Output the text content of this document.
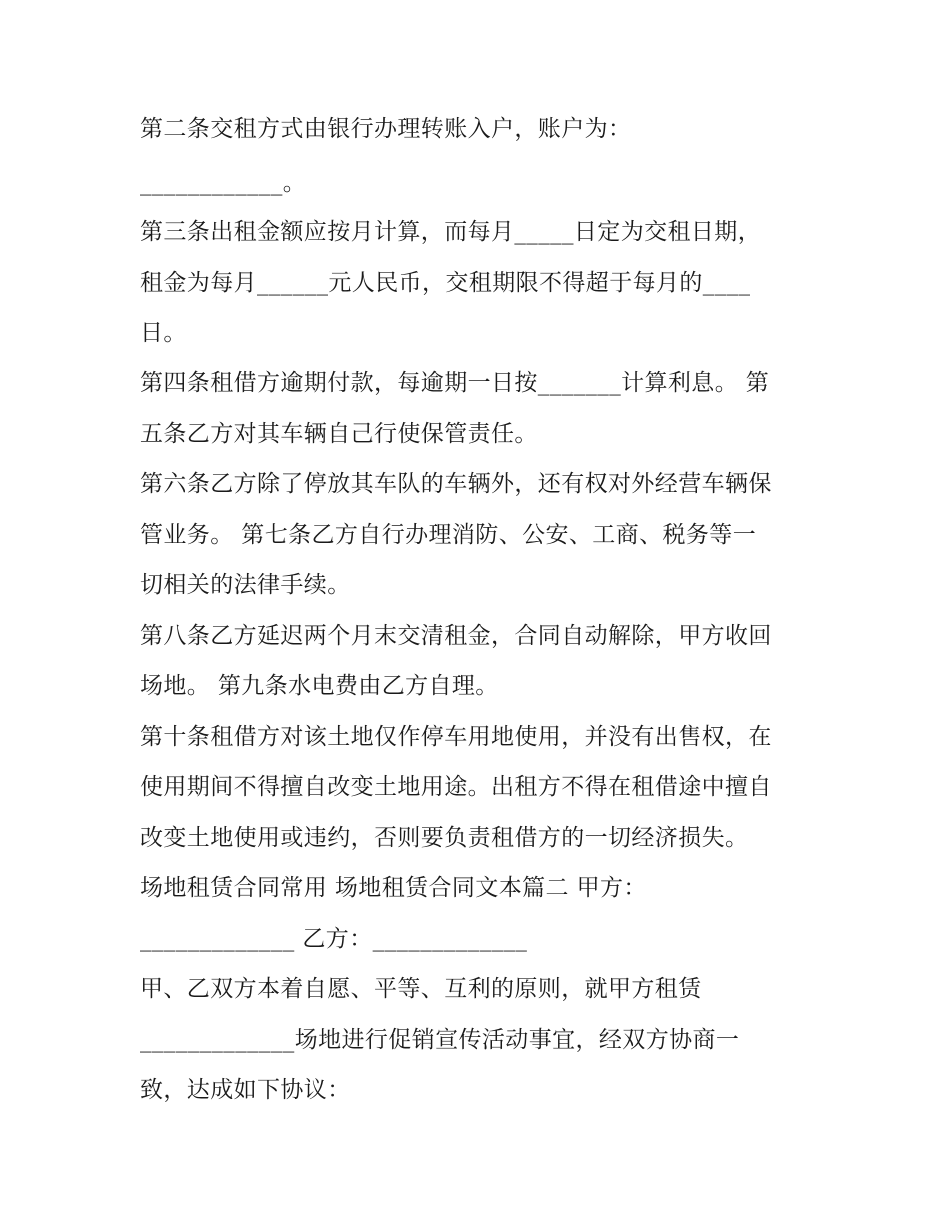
第二条交租方式由银行办理转账入户，账户为：
____________。
第三条出租金额应按月计算，而每月_____日定为交租日期，
租金为每月______元人民币，交租期限不得超于每月的____
日。
第四条租借方逾期付款，每逾期一日按_______计算利息。 第
五条乙方对其车辆自己行使保管责任。
第六条乙方除了停放其车队的车辆外，还有权对外经营车辆保
管业务。 第七条乙方自行办理消防、公安、工商、税务等一
切相关的法律手续。
第八条乙方延迟两个月末交清租金，合同自动解除，甲方收回
场地。 第九条水电费由乙方自理。
第十条租借方对该土地仅作停车用地使用，并没有出售权，在
使用期间不得擅自改变土地用途。出租方不得在租借途中擅自
改变土地使用或违约，否则要负责租借方的一切经济损失。
场地租赁合同常用 场地租赁合同文本篇二 甲方：
_____________ 乙方：_____________
甲、乙双方本着自愿、平等、互利的原则，就甲方租赁
_____________场地进行促销宣传活动事宜，经双方协商一
致，达成如下协议：
